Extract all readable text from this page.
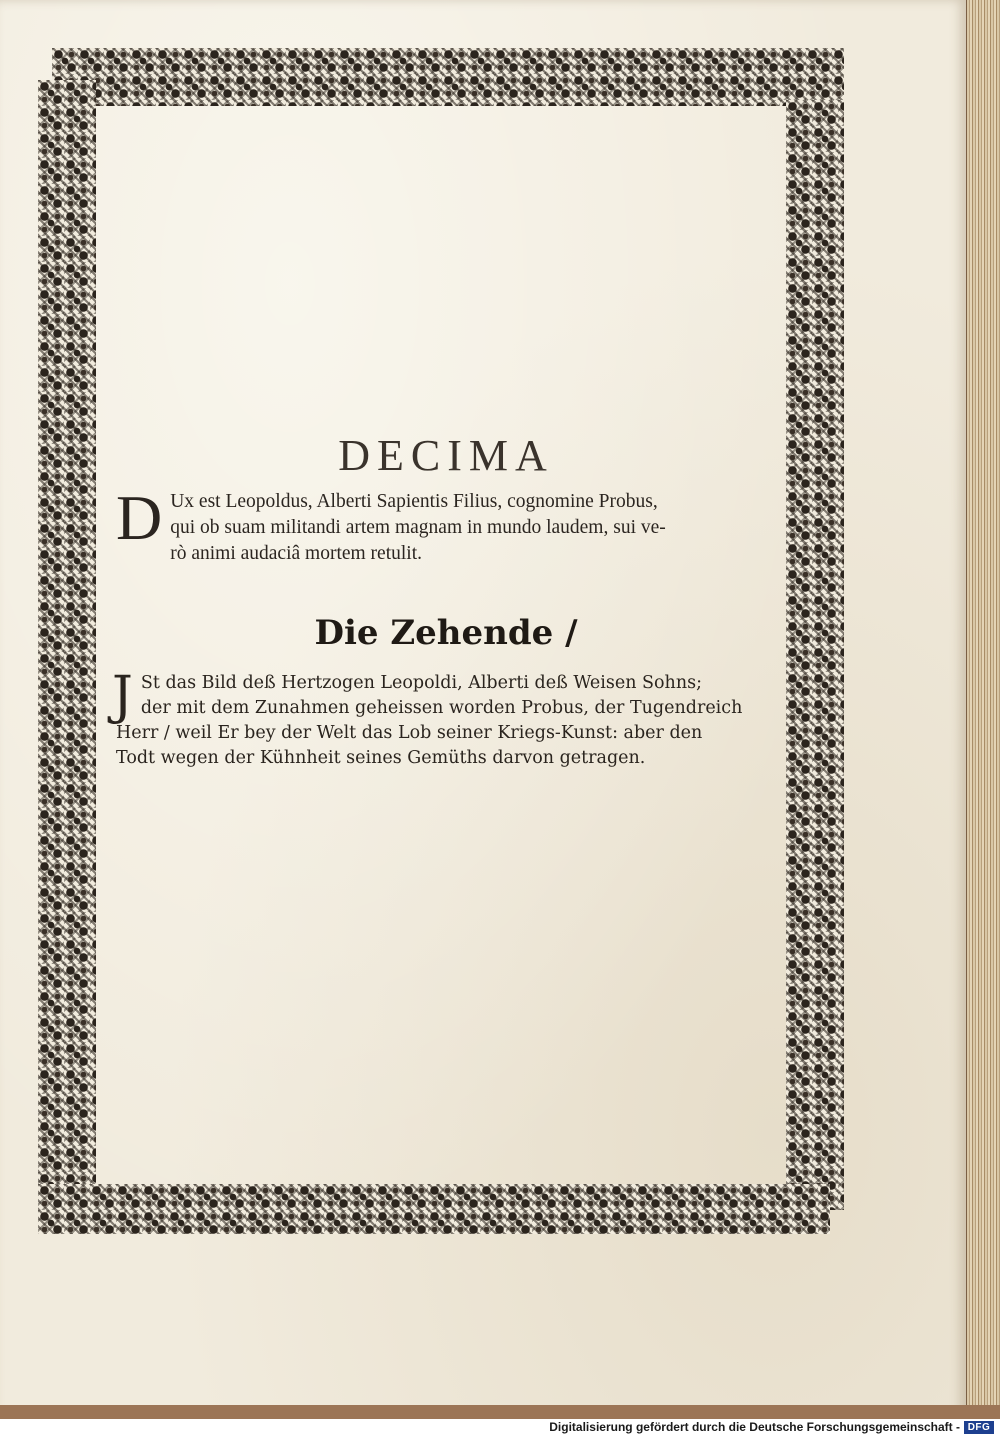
DECIMA

D Ux est Leopoldus, Alberti Sapientis Filius, cognomine Probus,
qui ob suam militandi artem magnam in mundo laudem, sui ve-
rò animi audaciâ mortem retulit.

Die Zehende /

J St das Bild deß Hertzogen Leopoldi, Alberti deß Weisen Sohns;
der mit dem Zunahmen geheissen worden Probus, der Tugendreich
Herr / weil Er bey der Welt das Lob seiner Kriegs-Kunst: aber den
Todt wegen der Kühnheit seines Gemüths darvon getragen.

Digitalisierung gefördert durch die Deutsche Forschungsgemeinschaft - DFG
